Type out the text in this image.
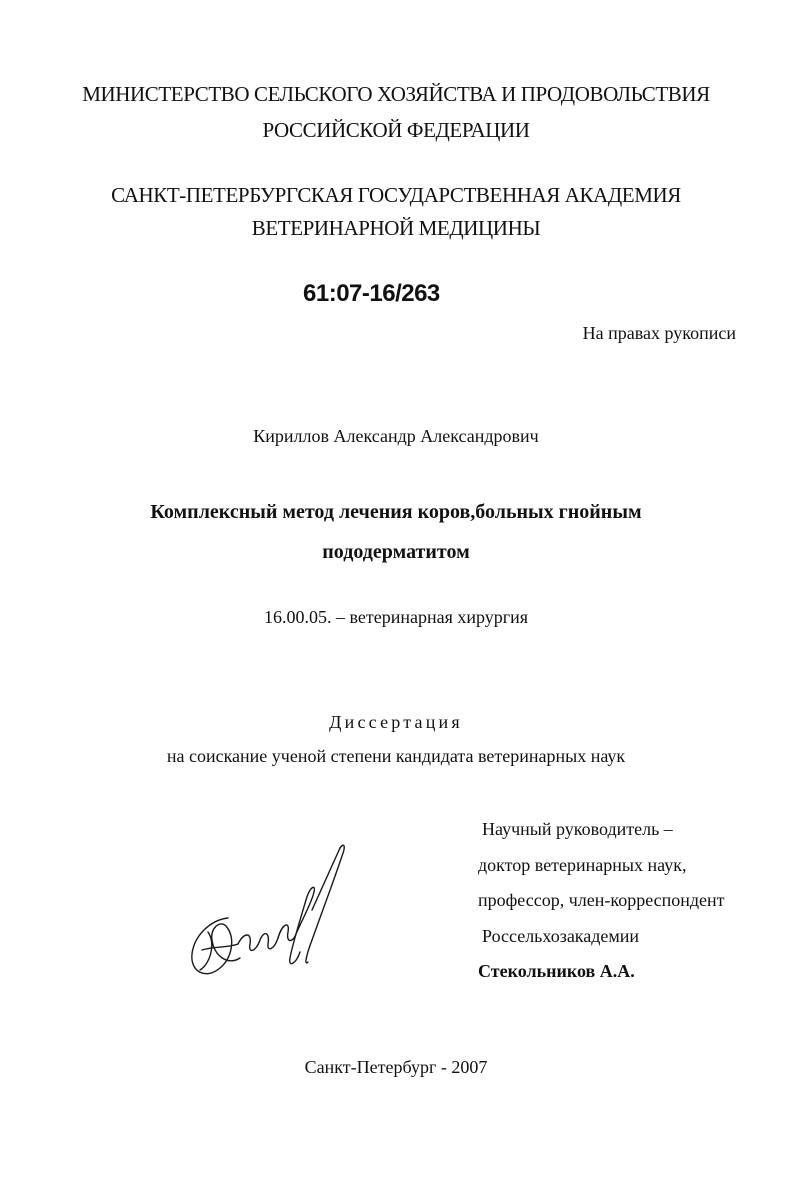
МИНИСТЕРСТВО СЕЛЬСКОГО ХОЗЯЙСТВА И ПРОДОВОЛЬСТВИЯ
РОССИЙСКОЙ ФЕДЕРАЦИИ
САНКТ-ПЕТЕРБУРГСКАЯ ГОСУДАРСТВЕННАЯ АКАДЕМИЯ
ВЕТЕРИНАРНОЙ МЕДИЦИНЫ
61:07-16/263
На правах рукописи
Кириллов Александр Александрович
Комплексный метод лечения коров,больных гнойным
пододерматитом
16.00.05. – ветеринарная хирургия
Диссертация
на соискание ученой степени кандидата ветеринарных наук
Научный руководитель –
доктор ветеринарных наук,
профессор, член-корреспондент
Россельхозакадемии
Стекольников А.А.
Санкт-Петербург - 2007
